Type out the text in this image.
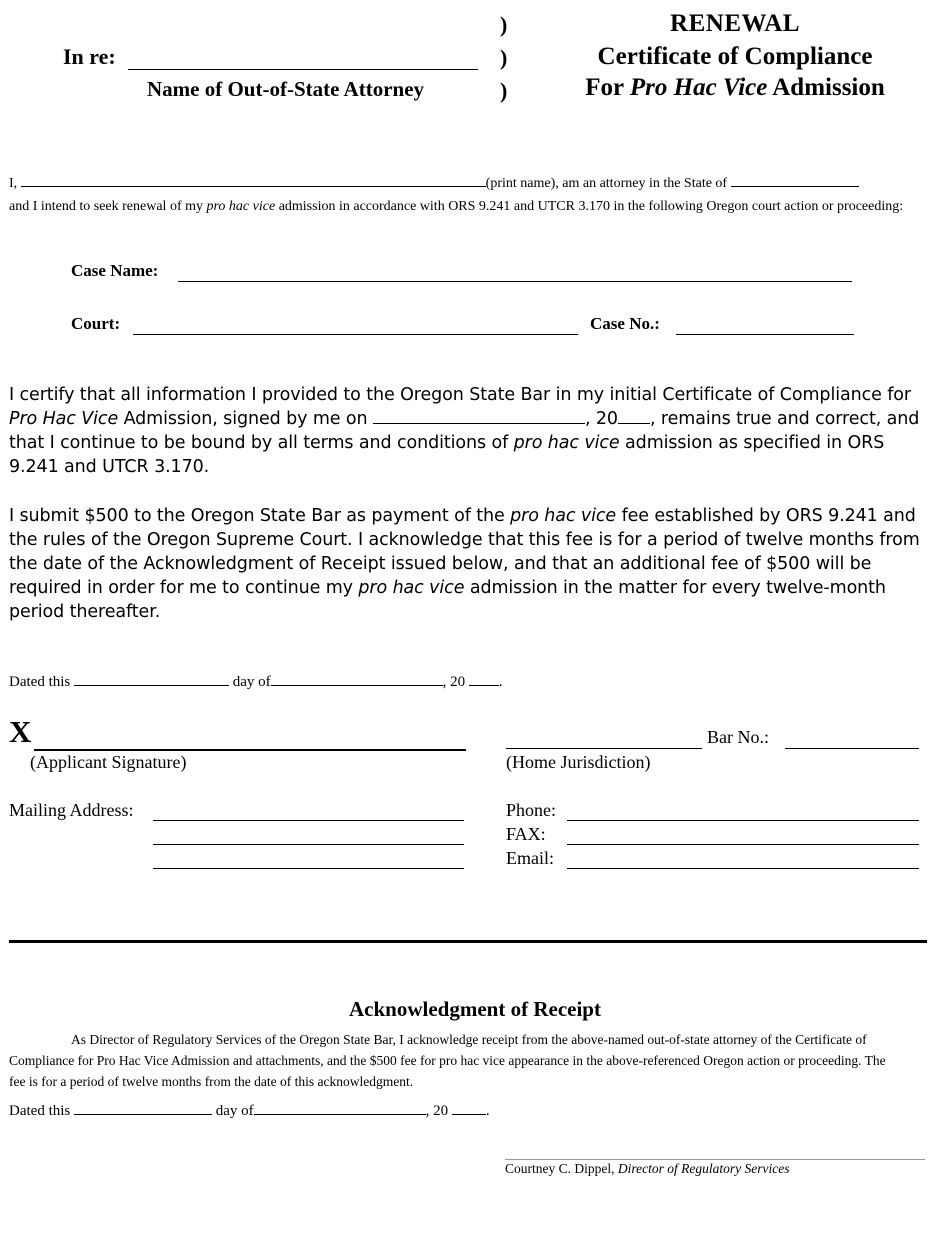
In re:
Name of Out-of-State Attorney
)
)
)
RENEWAL
Certificate of Compliance
For Pro Hac Vice Admission
I,	(print name), am an attorney in the State of
and I intend to seek renewal of my pro hac vice admission in accordance with ORS 9.241 and UTCR 3.170 in the following Oregon court action or proceeding:
Case Name:
Court:	Case No.:
I certify that all information I provided to the Oregon State Bar in my initial Certificate of Compliance for Pro Hac Vice Admission, signed by me on	, 20 , remains true and correct, and that I continue to be bound by all terms and conditions of pro hac vice admission as specified in ORS 9.241 and UTCR 3.170.
I submit $500 to the Oregon State Bar as payment of the pro hac vice fee established by ORS 9.241 and the rules of the Oregon Supreme Court. I acknowledge that this fee is for a period of twelve months from the date of the Acknowledgment of Receipt issued below, and that an additional fee of $500 will be required in order for me to continue my pro hac vice admission in the matter for every twelve-month period thereafter.
Dated this	day of	, 20 .
X
(Applicant Signature)
Bar No.:
(Home Jurisdiction)
Mailing Address:	Phone:
FAX:
Email:
Acknowledgment of Receipt
As Director of Regulatory Services of the Oregon State Bar, I acknowledge receipt from the above-named out-of-state attorney of the Certificate of Compliance for Pro Hac Vice Admission and attachments, and the $500 fee for pro hac vice appearance in the above-referenced Oregon action or proceeding. The fee is for a period of twelve months from the date of this acknowledgment.
Dated this	day of	, 20 .
Courtney C. Dippel, Director of Regulatory Services
